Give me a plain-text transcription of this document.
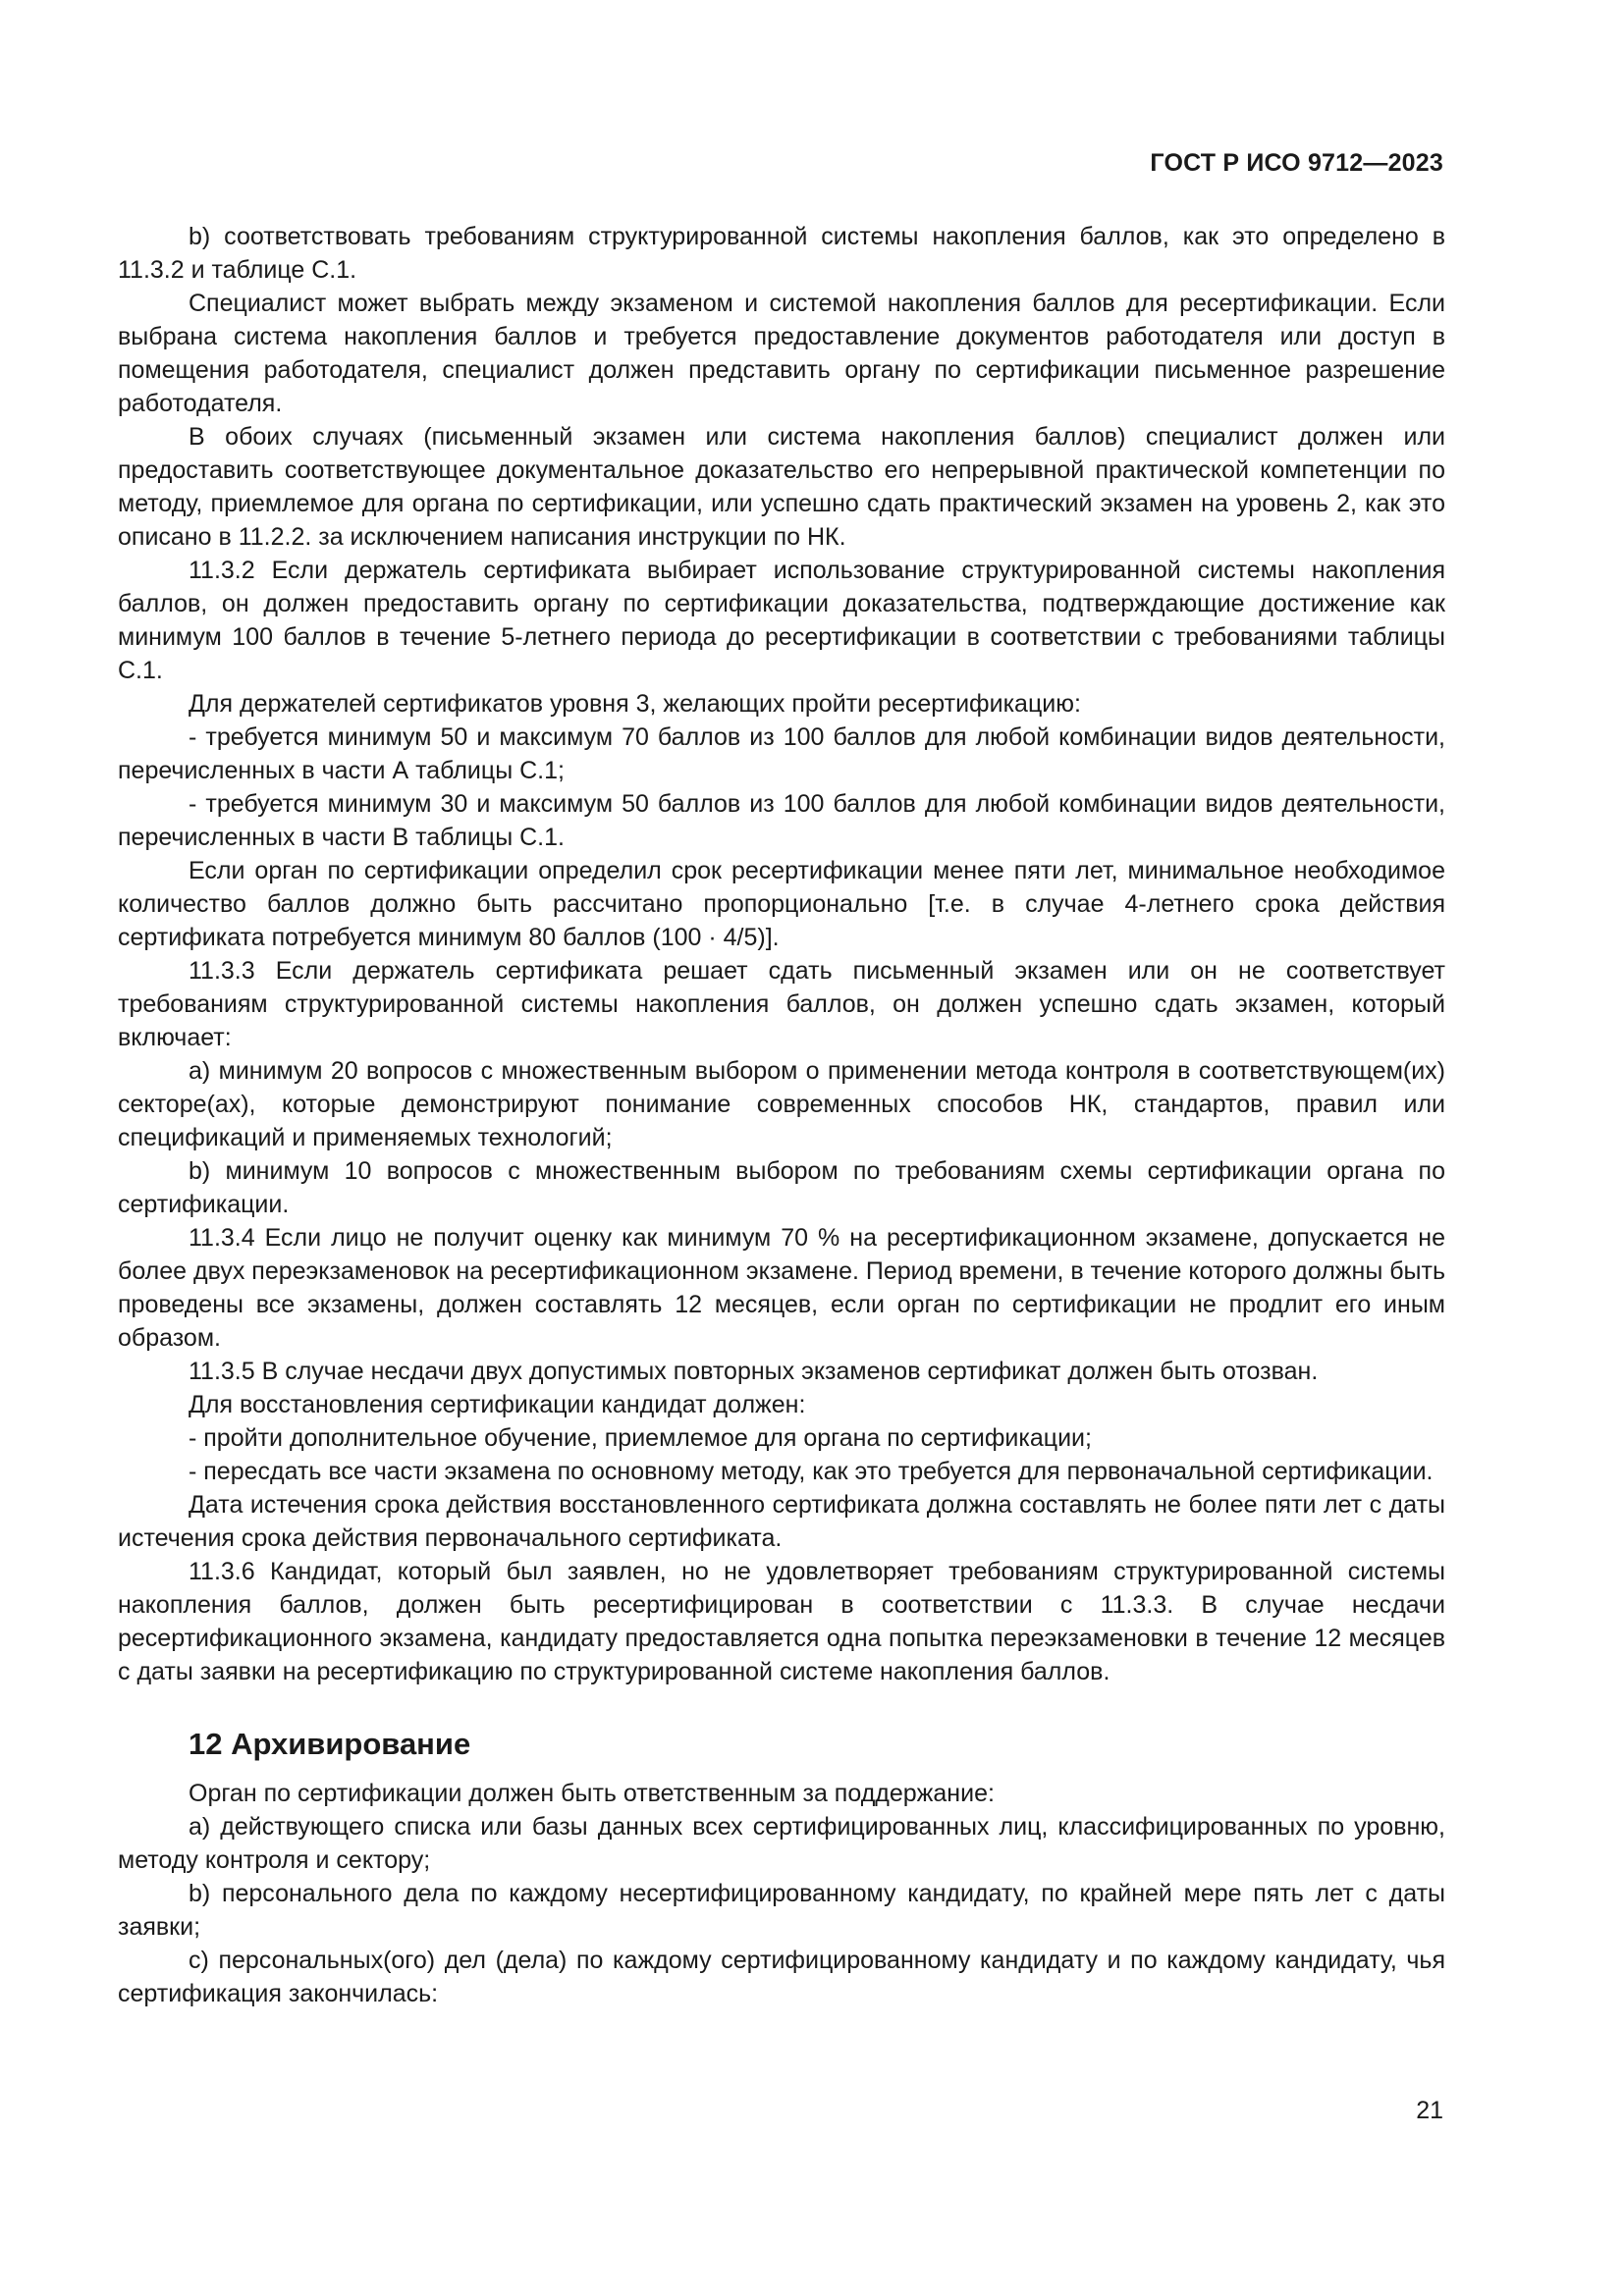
ГОСТ Р ИСО 9712—2023

b) соответствовать требованиям структурированной системы накопления баллов, как это определено в 11.3.2 и таблице С.1.

Специалист может выбрать между экзаменом и системой накопления баллов для ресертификации. Если выбрана система накопления баллов и требуется предоставление документов работодателя или доступ в помещения работодателя, специалист должен представить органу по сертификации письменное разрешение работодателя.

В обоих случаях (письменный экзамен или система накопления баллов) специалист должен или предоставить соответствующее документальное доказательство его непрерывной практической компетенции по методу, приемлемое для органа по сертификации, или успешно сдать практический экзамен на уровень 2, как это описано в 11.2.2. за исключением написания инструкции по НК.

11.3.2 Если держатель сертификата выбирает использование структурированной системы накопления баллов, он должен предоставить органу по сертификации доказательства, подтверждающие достижение как минимум 100 баллов в течение 5-летнего периода до ресертификации в соответствии с требованиями таблицы С.1.

Для держателей сертификатов уровня 3, желающих пройти ресертификацию:

- требуется минимум 50 и максимум 70 баллов из 100 баллов для любой комбинации видов деятельности, перечисленных в части А таблицы С.1;

- требуется минимум 30 и максимум 50 баллов из 100 баллов для любой комбинации видов деятельности, перечисленных в части В таблицы С.1.

Если орган по сертификации определил срок ресертификации менее пяти лет, минимальное необходимое количество баллов должно быть рассчитано пропорционально [т.е. в случае 4-летнего срока действия сертификата потребуется минимум 80 баллов (100 · 4/5)].

11.3.3 Если держатель сертификата решает сдать письменный экзамен или он не соответствует требованиям структурированной системы накопления баллов, он должен успешно сдать экзамен, который включает:

а) минимум 20 вопросов с множественным выбором о применении метода контроля в соответствующем(их) секторе(ах), которые демонстрируют понимание современных способов НК, стандартов, правил или спецификаций и применяемых технологий;

b) минимум 10 вопросов с множественным выбором по требованиям схемы сертификации органа по сертификации.

11.3.4 Если лицо не получит оценку как минимум 70 % на ресертификационном экзамене, допускается не более двух переэкзаменовок на ресертификационном экзамене. Период времени, в течение которого должны быть проведены все экзамены, должен составлять 12 месяцев, если орган по сертификации не продлит его иным образом.

11.3.5 В случае несдачи двух допустимых повторных экзаменов сертификат должен быть отозван.

Для восстановления сертификации кандидат должен:

- пройти дополнительное обучение, приемлемое для органа по сертификации;

- пересдать все части экзамена по основному методу, как это требуется для первоначальной сертификации.

Дата истечения срока действия восстановленного сертификата должна составлять не более пяти лет с даты истечения срока действия первоначального сертификата.

11.3.6 Кандидат, который был заявлен, но не удовлетворяет требованиям структурированной системы накопления баллов, должен быть ресертифицирован в соответствии с 11.3.3. В случае несдачи ресертификационного экзамена, кандидату предоставляется одна попытка переэкзаменовки в течение 12 месяцев с даты заявки на ресертификацию по структурированной системе накопления баллов.

12 Архивирование

Орган по сертификации должен быть ответственным за поддержание:

а) действующего списка или базы данных всех сертифицированных лиц, классифицированных по уровню, методу контроля и сектору;

b) персонального дела по каждому несертифицированному кандидату, по крайней мере пять лет с даты заявки;

с) персональных(ого) дел (дела) по каждому сертифицированному кандидату и по каждому кандидату, чья сертификация закончилась:

21
